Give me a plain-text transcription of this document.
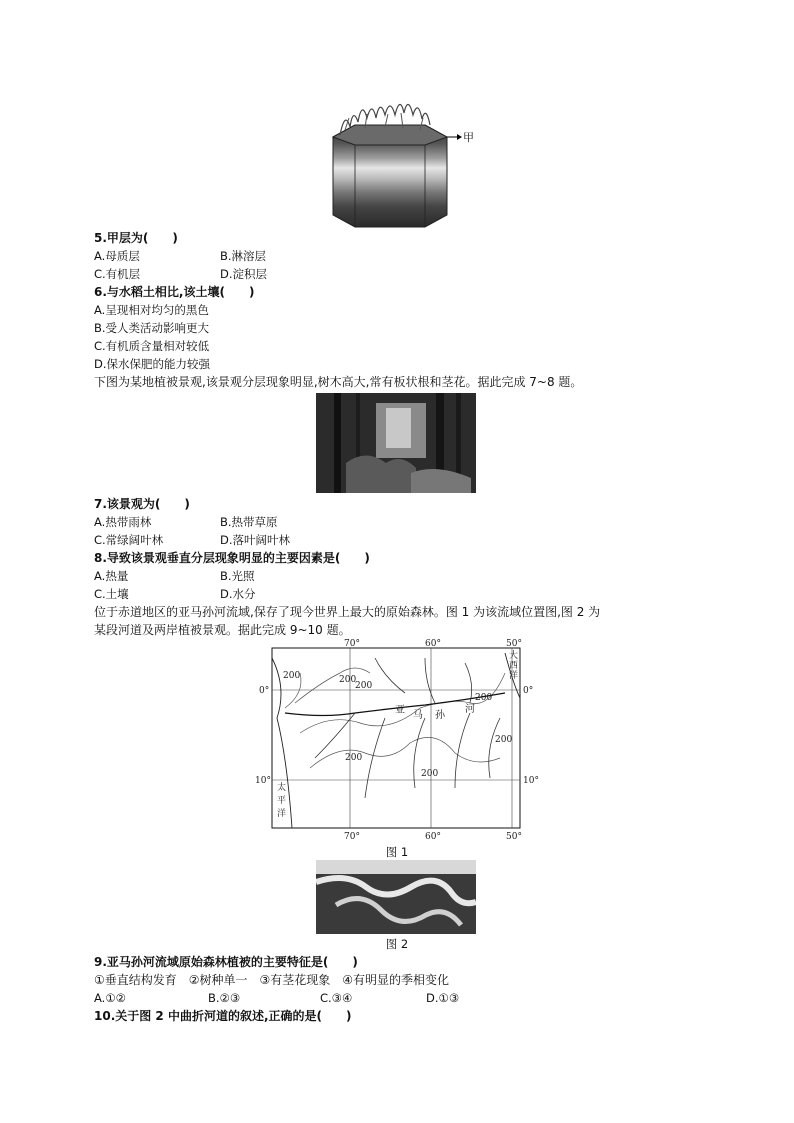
甲
5.甲层为(　　)
A.母质层	B.淋溶层
C.有机层	D.淀积层
6.与水稻土相比,该土壤(　　)
A.呈现相对均匀的黑色
B.受人类活动影响更大
C.有机质含量相对较低
D.保水保肥的能力较强
下图为某地植被景观,该景观分层现象明显,树木高大,常有板状根和茎花。据此完成 7~8 题。
7.该景观为(　　)
A.热带雨林	B.热带草原
C.常绿阔叶林	D.落叶阔叶林
8.导致该景观垂直分层现象明显的主要因素是(　　)
A.热量	B.光照
C.土壤	D.水分
位于赤道地区的亚马孙河流域,保存了现今世界上最大的原始森林。图 1 为该流域位置图,图 2 为
某段河道及两岸植被景观。据此完成 9~10 题。
70°	60°	50°
70°	60°	50°
0°
10°
0°
10°
200	200
200
200
200
200
200
亚 马 孙
河
大
西
洋
太
平
洋
图 1
图 2
9.亚马孙河流域原始森林植被的主要特征是(　　)
①垂直结构发育　②树种单一　③有茎花现象　④有明显的季相变化
A.①②	B.②③	C.③④	D.①③
10.关于图 2 中曲折河道的叙述,正确的是(　　)
